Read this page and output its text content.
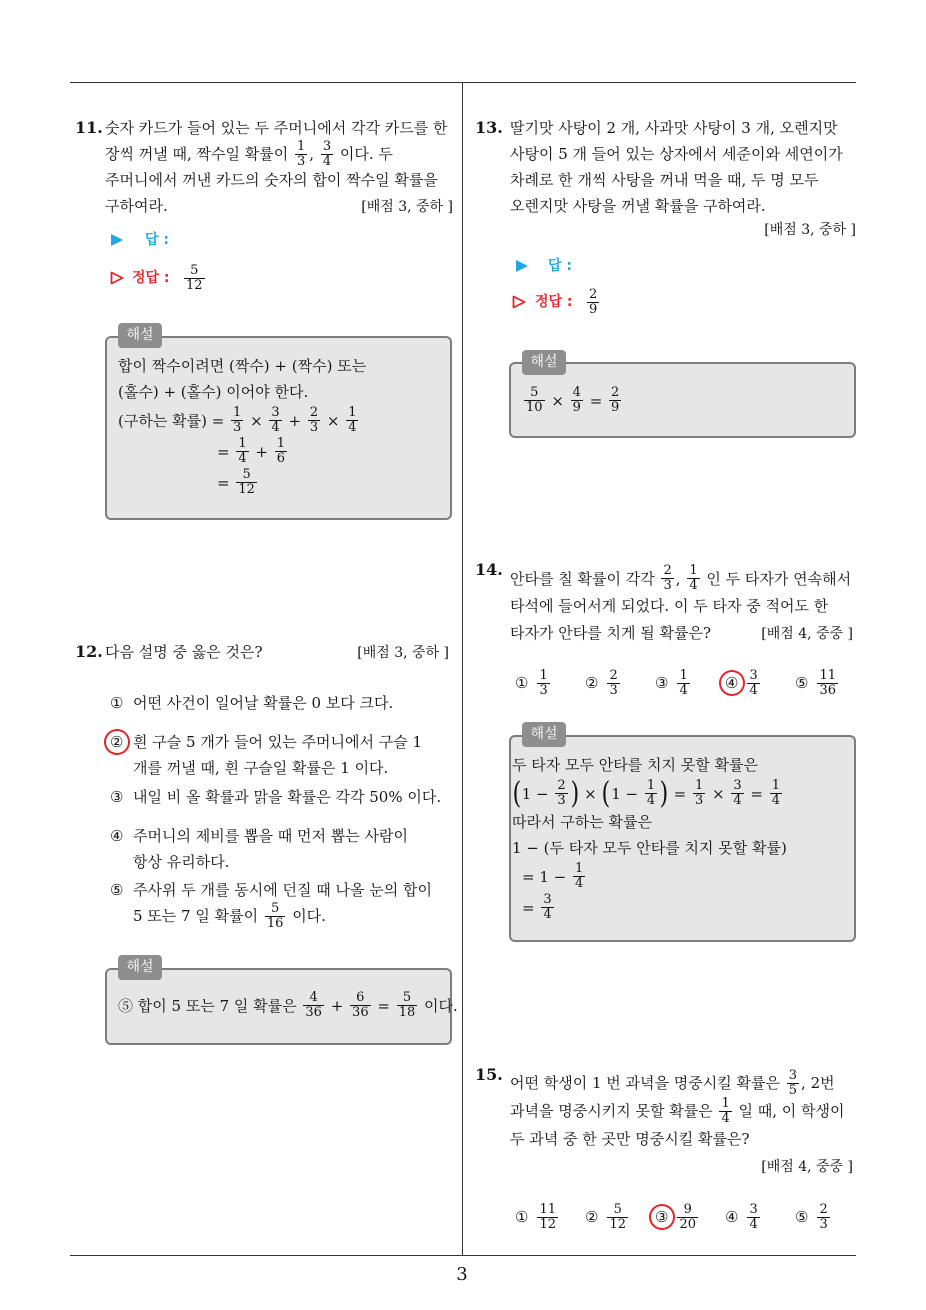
11. 숫자 카드가 들어 있는 두 주머니에서 각각 카드를 한
장씩 꺼낼 때, 짝수일 확률이 $\frac{1}{3}$ , $\frac{3}{4}$ 이다. 두
주머니에서 꺼낸 카드의 숫자의 합이 짝수일 확률을
[배점 3, 중하 ]
구하여라.
답 :
정답 : $\frac{5}{12}$
해설
합이 짝수이려면 (짝수) + (짝수) 또는
(홀수) + (홀수) 이어야 한다.
(구하는 확률) = $\frac{1}{3} \times \frac{3}{4} + \frac{2}{3} \times \frac{1}{4}$
= $\frac{1}{4} + \frac{1}{6}$
= $\frac{5}{12}$
12.	[배점 3, 중하 ]
다음 설명 중 옳은 것은?
① 어떤 사건이 일어날 확률은 0 보다 크다.
② 흰 구슬 5 개가 들어 있는 주머니에서 구슬 1
개를 꺼낼 때, 흰 구슬일 확률은 1 이다.
③ 내일 비 올 확률과 맑을 확률은 각각 50% 이다.
④ 주머니의 제비를 뽑을 때 먼저 뽑는 사람이
항상 유리하다.
⑤ 주사위 두 개를 동시에 던질 때 나올 눈의 합이
5 또는 7 일 확률이 $\frac{5}{16}$ 이다.
해설
⑤ 합이 5 또는 7 일 확률은 $\frac{4}{36} + \frac{6}{36} = \frac{5}{18}$ 이다.
13. 딸기맛 사탕이 2 개, 사과맛 사탕이 3 개, 오렌지맛
사탕이 5 개 들어 있는 상자에서 세준이와 세연이가
차례로 한 개씩 사탕을 꺼내 먹을 때, 두 명 모두
오렌지맛 사탕을 꺼낼 확률을 구하여라.
[배점 3, 중하 ]
답 :
정답 : $\frac{2}{9}$
해설
$\frac{5}{10} \times \frac{4}{9} = \frac{2}{9}$
14. 안타를 칠 확률이 각각 $\frac{2}{3}$ , $\frac{1}{4}$ 인 두 타자가 연속해서
타석에 들어서게 되었다. 이 두 타자 중 적어도 한
[배점 4, 중중 ]
타자가 안타를 치게 될 확률은?
① $\frac{1}{3}$ ② $\frac{2}{3}$ ③ $\frac{1}{4}$ ④ $\frac{3}{4}$ ⑤ $\frac{11}{36}$
해설
두 타자 모두 안타를 치지 못할 확률은
( $1 - \frac{2}{3}$ ) × ( $1 - \frac{1}{4}$ ) = $\frac{1}{3} \times \frac{3}{4} = \frac{1}{4}$
따라서 구하는 확률은
1 − (두 타자 모두 안타를 치지 못할 확률)
= $1 - \frac{1}{4}$
= $\frac{3}{4}$
15. 어떤 학생이 1 번 과녁을 명중시킬 확률은 $\frac{3}{5}$ , 2번
과녁을 명중시키지 못할 확률은 $\frac{1}{4}$ 일 때, 이 학생이
두 과녁 중 한 곳만 명중시킬 확률은?
[배점 4, 중중 ]
① $\frac{11}{12}$ ② $\frac{5}{12}$ ③ $\frac{9}{20}$ ④ $\frac{3}{4}$ ⑤ $\frac{2}{3}$
3
